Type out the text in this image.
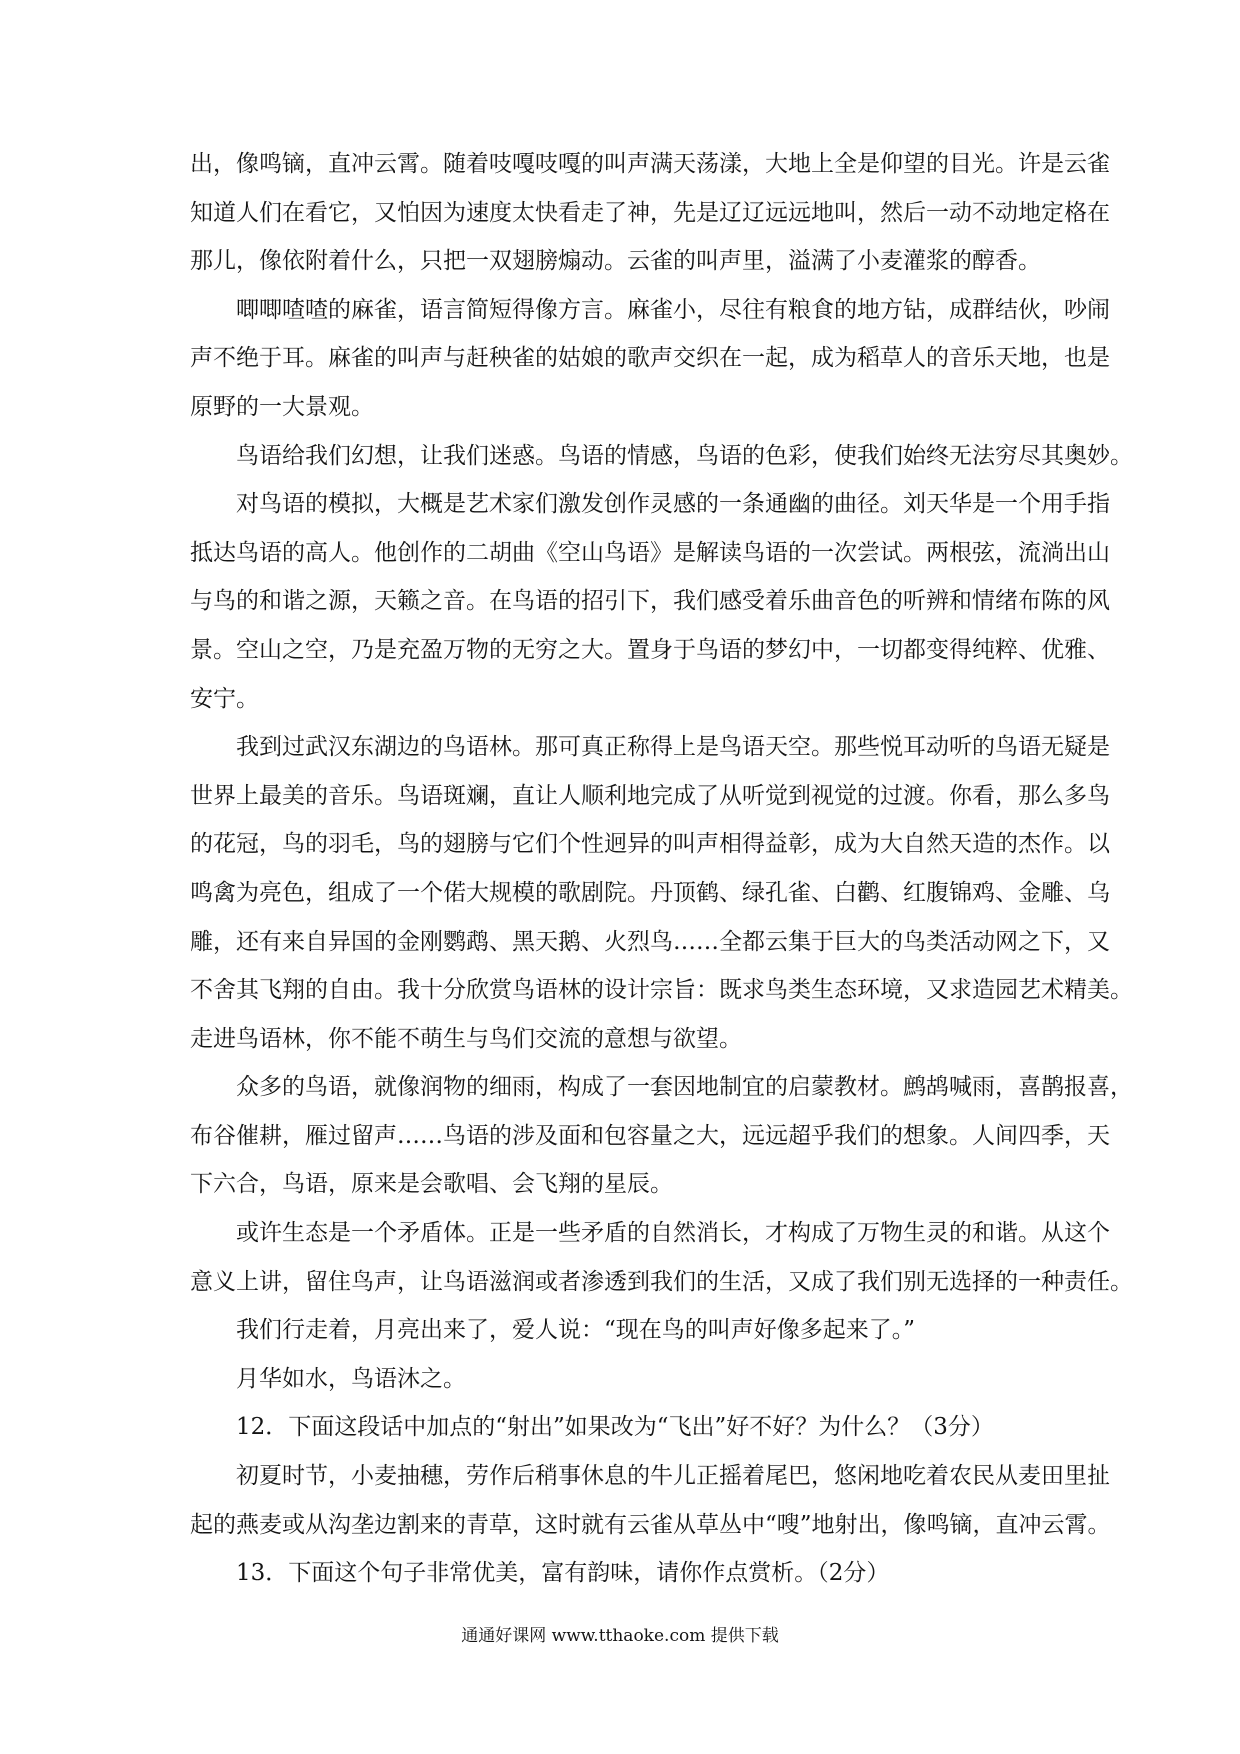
出，像鸣镝，直冲云霄。随着吱嘎吱嘎的叫声满天荡漾，大地上全是仰望的目光。许是云雀
知道人们在看它，又怕因为速度太快看走了神，先是辽辽远远地叫，然后一动不动地定格在
那儿，像依附着什么，只把一双翅膀煽动。云雀的叫声里，溢满了小麦灌浆的醇香。
唧唧喳喳的麻雀，语言简短得像方言。麻雀小，尽往有粮食的地方钻，成群结伙，吵闹
声不绝于耳。麻雀的叫声与赶秧雀的姑娘的歌声交织在一起，成为稻草人的音乐天地，也是
原野的一大景观。
鸟语给我们幻想，让我们迷惑。鸟语的情感，鸟语的色彩，使我们始终无法穷尽其奥妙。
对鸟语的模拟，大概是艺术家们激发创作灵感的一条通幽的曲径。刘天华是一个用手指
抵达鸟语的高人。他创作的二胡曲《空山鸟语》是解读鸟语的一次尝试。两根弦，流淌出山
与鸟的和谐之源，天籁之音。在鸟语的招引下，我们感受着乐曲音色的听辨和情绪布陈的风
景。空山之空，乃是充盈万物的无穷之大。置身于鸟语的梦幻中，一切都变得纯粹、优雅、
安宁。
我到过武汉东湖边的鸟语林。那可真正称得上是鸟语天空。那些悦耳动听的鸟语无疑是
世界上最美的音乐。鸟语斑斓，直让人顺利地完成了从听觉到视觉的过渡。你看，那么多鸟
的花冠，鸟的羽毛，鸟的翅膀与它们个性迥异的叫声相得益彰，成为大自然天造的杰作。以
鸣禽为亮色，组成了一个偌大规模的歌剧院。丹顶鹤、绿孔雀、白鹳、红腹锦鸡、金雕、乌
雕，还有来自异国的金刚鹦鹉、黑天鹅、火烈鸟……全都云集于巨大的鸟类活动网之下，又
不舍其飞翔的自由。我十分欣赏鸟语林的设计宗旨：既求鸟类生态环境，又求造园艺术精美。
走进鸟语林，你不能不萌生与鸟们交流的意想与欲望。
众多的鸟语，就像润物的细雨，构成了一套因地制宜的启蒙教材。鹧鸪喊雨，喜鹊报喜，
布谷催耕，雁过留声……鸟语的涉及面和包容量之大，远远超乎我们的想象。人间四季，天
下六合，鸟语，原来是会歌唱、会飞翔的星辰。
或许生态是一个矛盾体。正是一些矛盾的自然消长，才构成了万物生灵的和谐。从这个
意义上讲，留住鸟声，让鸟语滋润或者渗透到我们的生活，又成了我们别无选择的一种责任。
我们行走着，月亮出来了，爱人说：“现在鸟的叫声好像多起来了。”
月华如水，鸟语沐之。
12．下面这段话中加点的“射出”如果改为“飞出”好不好？为什么？（3分）
初夏时节，小麦抽穗，劳作后稍事休息的牛儿正摇着尾巴，悠闲地吃着农民从麦田里扯
起的燕麦或从沟垄边割来的青草，这时就有云雀从草丛中“嗖”地射出，像鸣镝，直冲云霄。
13．下面这个句子非常优美，富有韵味，请你作点赏析。（2分）
通通好课网 www.tthaoke.com 提供下载
